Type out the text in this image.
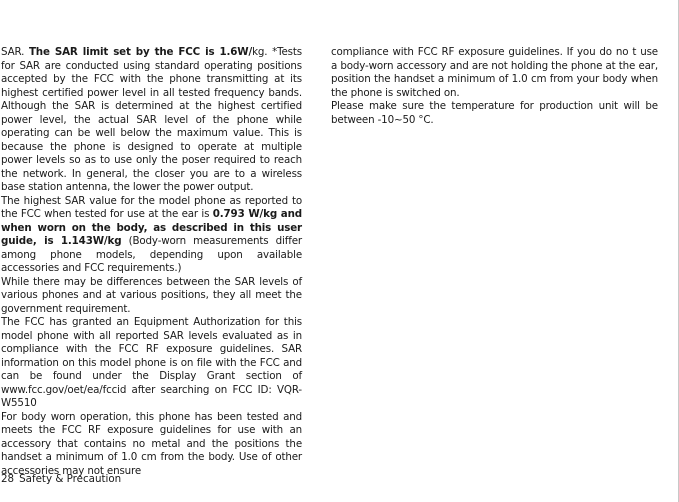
SAR. The SAR limit set by the FCC is 1.6W/kg. *Tests for SAR are conducted using standard operating positions accepted by the FCC with the phone transmitting at its highest certified power level in all tested frequency bands. Although the SAR is determined at the highest certified power level, the actual SAR level of the phone while operating can be well below the maximum value. This is because the phone is designed to operate at multiple power levels so as to use only the poser required to reach the network. In general, the closer you are to a wireless base station antenna, the lower the power output.

The highest SAR value for the model phone as reported to the FCC when tested for use at the ear is 0.793 W/kg and when worn on the body, as described in this user guide, is 1.143W/kg (Body-worn measurements differ among phone models, depending upon available accessories and FCC requirements.)

While there may be differences between the SAR levels of various phones and at various positions, they all meet the government requirement.

The FCC has granted an Equipment Authorization for this model phone with all reported SAR levels evaluated as in compliance with the FCC RF exposure guidelines. SAR information on this model phone is on file with the FCC and can be found under the Display Grant section of www.fcc.gov/oet/ea/fccid after searching on FCC ID: VQR-W5510

For body worn operation, this phone has been tested and meets the FCC RF exposure guidelines for use with an accessory that contains no metal and the positions the handset a minimum of 1.0 cm from the body. Use of other accessories may not ensure

compliance with FCC RF exposure guidelines. If you do no t use a body-worn accessory and are not holding the phone at the ear, position the handset a minimum of 1.0 cm from your body when the phone is switched on.

Please make sure the temperature for production unit will be between -10~50 °C.

28 Safety & Precaution
